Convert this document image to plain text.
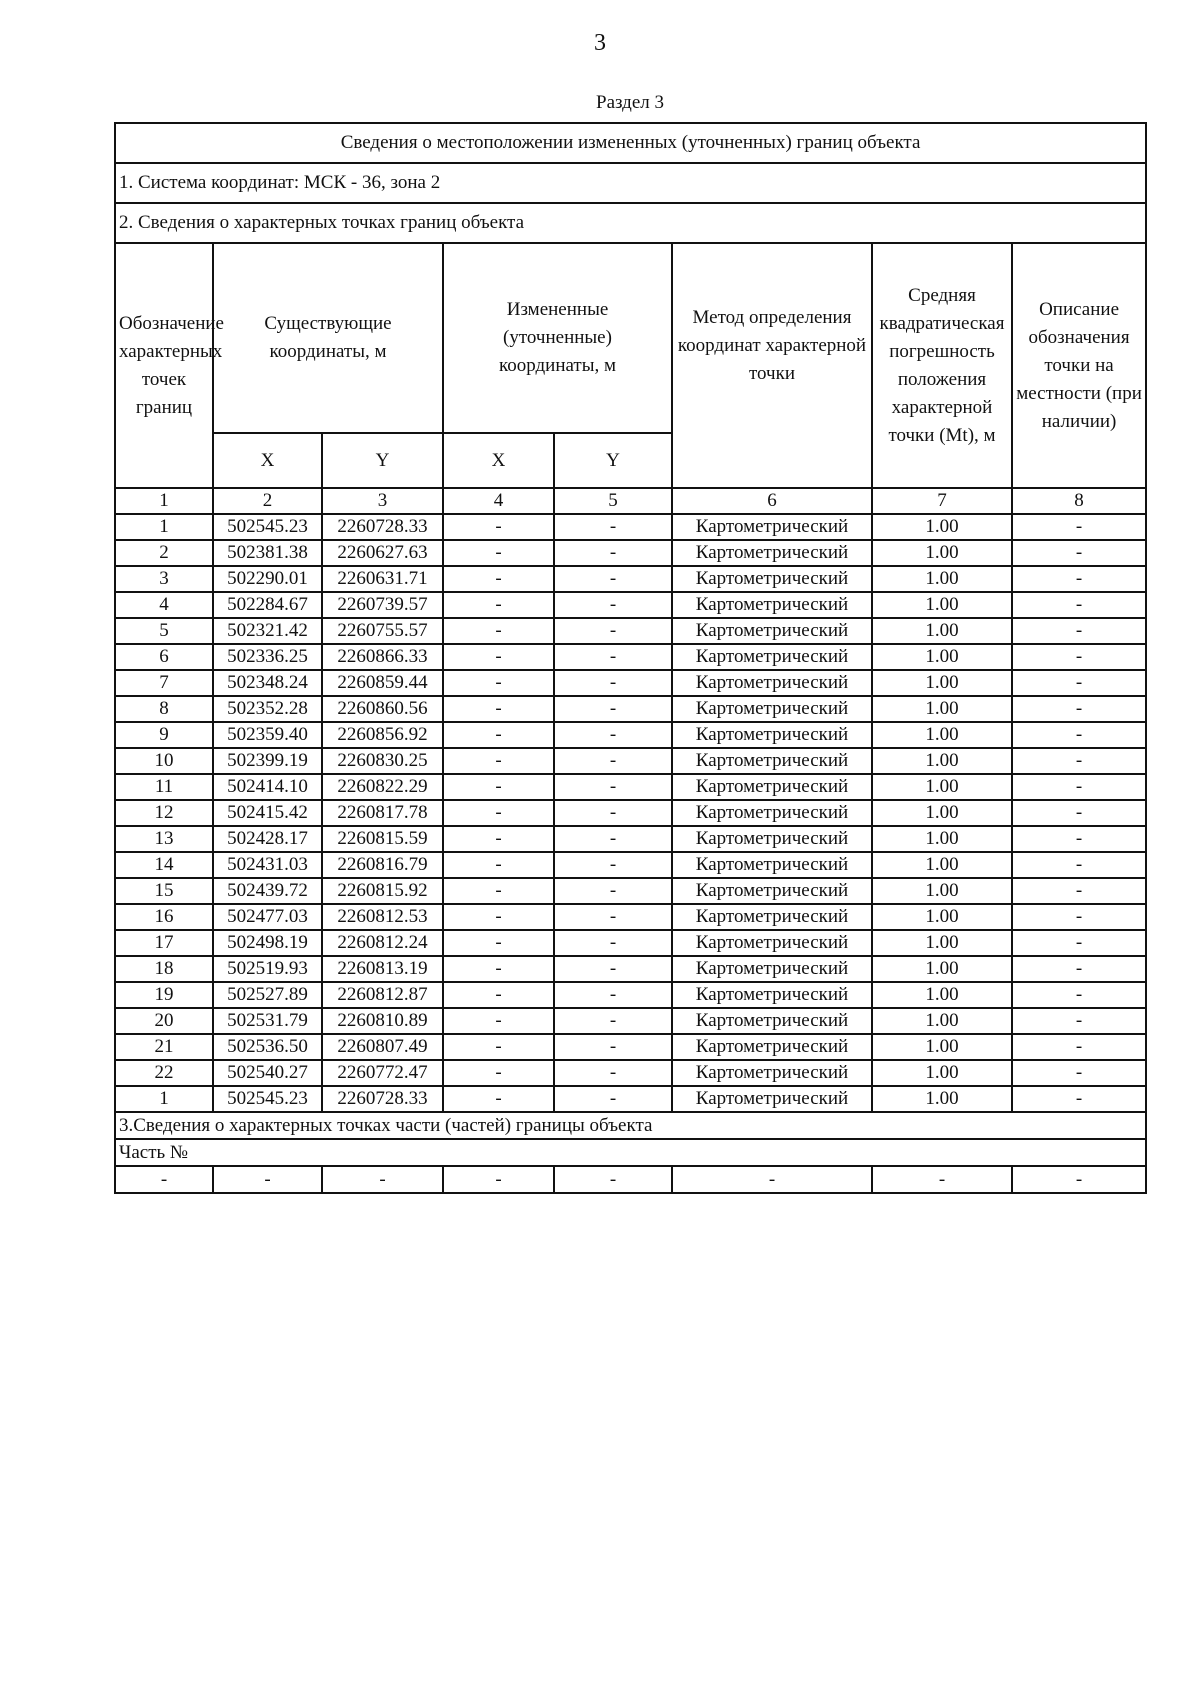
3
Раздел 3
Сведения о местоположении измененных (уточненных) границ объекта							
1. Система координат: МСК - 36, зона 2							
2. Сведения о характерных точках границ объекта							
Обозначение характерных точек границ	Существующие координаты, м		Измененные (уточненные) координаты, м		Метод определения координат характерной точки	Средняя квадратическая погрешность положения характерной точки (Mt), м	Описание обозначения точки на местности (при наличии)
	X	Y	X	Y			
1	2	3	4	5	6	7	8
1	502545.23	2260728.33	-	-	Картометрический	1.00	-
2	502381.38	2260627.63	-	-	Картометрический	1.00	-
3	502290.01	2260631.71	-	-	Картометрический	1.00	-
4	502284.67	2260739.57	-	-	Картометрический	1.00	-
5	502321.42	2260755.57	-	-	Картометрический	1.00	-
6	502336.25	2260866.33	-	-	Картометрический	1.00	-
7	502348.24	2260859.44	-	-	Картометрический	1.00	-
8	502352.28	2260860.56	-	-	Картометрический	1.00	-
9	502359.40	2260856.92	-	-	Картометрический	1.00	-
10	502399.19	2260830.25	-	-	Картометрический	1.00	-
11	502414.10	2260822.29	-	-	Картометрический	1.00	-
12	502415.42	2260817.78	-	-	Картометрический	1.00	-
13	502428.17	2260815.59	-	-	Картометрический	1.00	-
14	502431.03	2260816.79	-	-	Картометрический	1.00	-
15	502439.72	2260815.92	-	-	Картометрический	1.00	-
16	502477.03	2260812.53	-	-	Картометрический	1.00	-
17	502498.19	2260812.24	-	-	Картометрический	1.00	-
18	502519.93	2260813.19	-	-	Картометрический	1.00	-
19	502527.89	2260812.87	-	-	Картометрический	1.00	-
20	502531.79	2260810.89	-	-	Картометрический	1.00	-
21	502536.50	2260807.49	-	-	Картометрический	1.00	-
22	502540.27	2260772.47	-	-	Картометрический	1.00	-
1	502545.23	2260728.33	-	-	Картометрический	1.00	-
3.Сведения о характерных точках части (частей) границы объекта							
Часть №							
-	-	-	-	-	-	-	-
